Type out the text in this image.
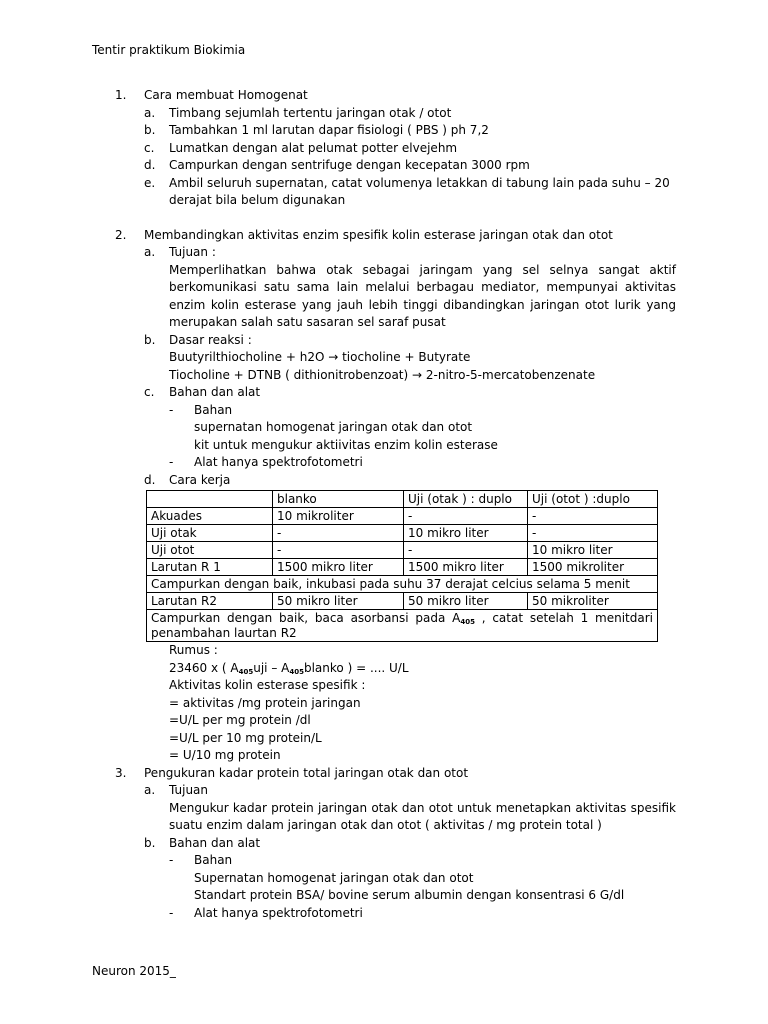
Tentir praktikum Biokimia
1. Cara membuat Homogenat
a. Timbang sejumlah tertentu jaringan otak / otot
b. Tambahkan 1 ml larutan dapar fisiologi ( PBS ) ph 7,2
c. Lumatkan dengan alat pelumat potter elvejehm
d. Campurkan dengan sentrifuge dengan kecepatan 3000 rpm
e. Ambil seluruh supernatan, catat volumenya letakkan di tabung lain pada suhu – 20 derajat bila belum digunakan
2. Membandingkan aktivitas enzim spesifik kolin esterase jaringan otak dan otot
a. Tujuan :
Memperlihatkan bahwa otak sebagai jaringam yang sel selnya sangat aktif berkomunikasi satu sama lain melalui berbagau mediator, mempunyai aktivitas enzim kolin esterase yang jauh lebih tinggi dibandingkan jaringan otot lurik yang merupakan salah satu sasaran sel saraf pusat
b. Dasar reaksi :
Buutyrilthiocholine + h2O → tiocholine + Butyrate
Tiocholine + DTNB ( dithionitrobenzoat) → 2-nitro-5-mercatobenzenate
c. Bahan dan alat
- Bahan
supernatan homogenat jaringan otak dan otot
kit untuk mengukur aktiivitas enzim kolin esterase
- Alat hanya spektrofotometri
d. Cara kerja
	blanko	Uji (otak ) : duplo	Uji (otot ) :duplo
Akuades	10 mikroliter	-	-
Uji otak	-	10 mikro liter	-
Uji otot	-	-	10 mikro liter
Larutan R 1	1500 mikro liter	1500 mikro liter	1500 mikroliter
Campurkan dengan baik, inkubasi pada suhu 37 derajat celcius selama 5 menit			
Larutan R2	50 mikro liter	50 mikro liter	50 mikroliter
Campurkan dengan baik, baca asorbansi pada $A_{405}$ , catat setelah 1 menitdari penambahan laurtan R2			
Rumus :
23460 x ( $A_{405}uji$ – $A_{405}blanko$ ) = .... U/L
Aktivitas kolin esterase spesifik :
= aktivitas /mg protein jaringan
=U/L per mg protein /dl
=U/L per 10 mg protein/L
= U/10 mg protein
3. Pengukuran kadar protein total jaringan otak dan otot
a. Tujuan
Mengukur kadar protein jaringan otak dan otot untuk menetapkan aktivitas spesifik suatu enzim dalam jaringan otak dan otot ( aktivitas / mg protein total )
b. Bahan dan alat
- Bahan
Supernatan homogenat jaringan otak dan otot
Standart protein BSA/ bovine serum albumin dengan konsentrasi 6 G/dl
- Alat hanya spektrofotometri
Neuron 2015_
